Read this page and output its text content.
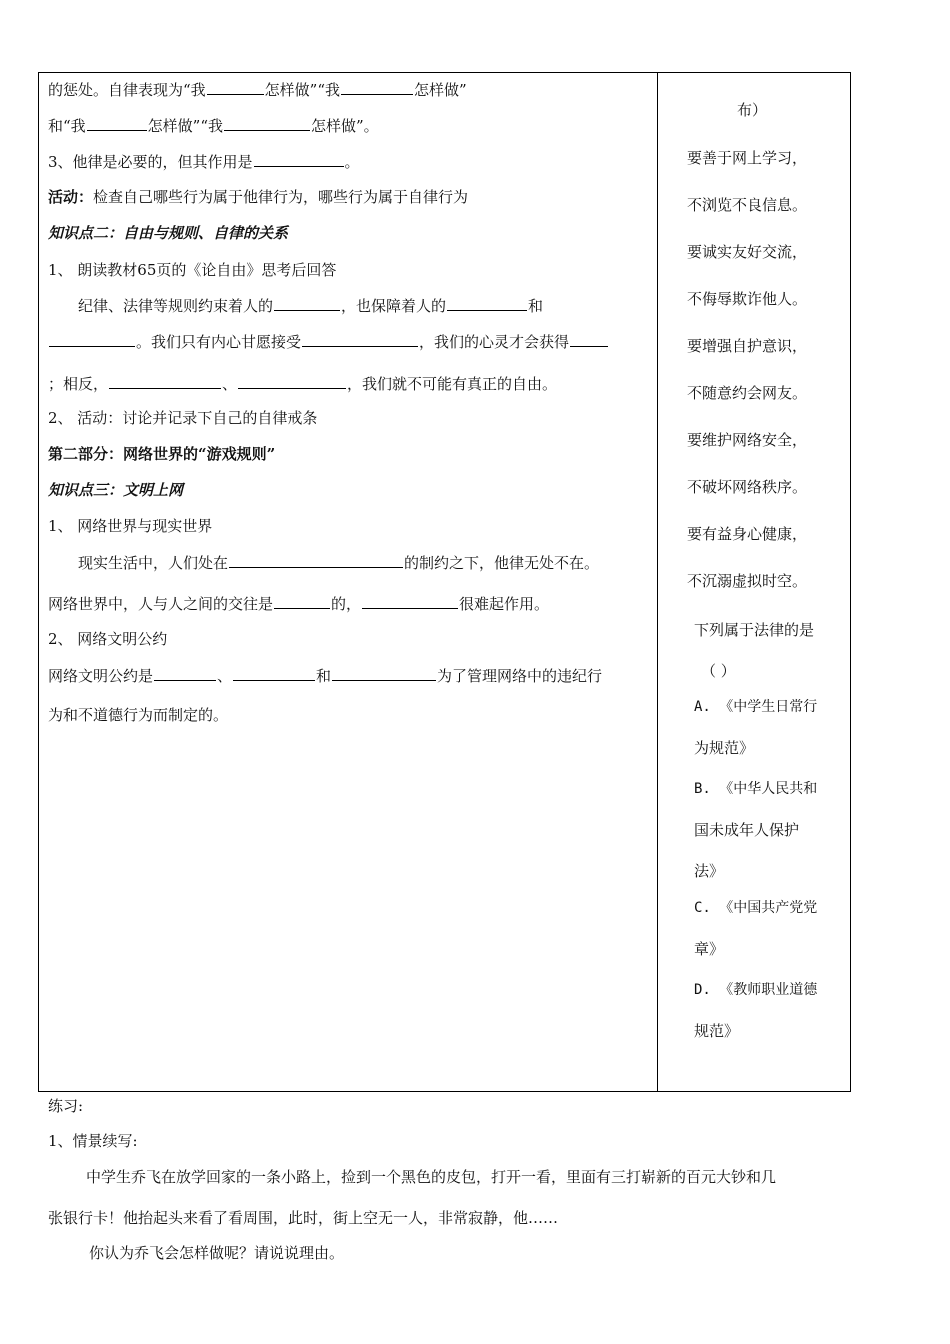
的惩处。自律表现为“我	怎样做”“我	怎样做”
和“我	怎样做”“我	怎样做”。
3、他律是必要的，但其作用是	。
活动：检查自己哪些行为属于他律行为，哪些行为属于自律行为
知识点二：自由与规则、自律的关系
1、 朗读教材65页的《论自由》思考后回答
纪律、法律等规则约束着人的	，也保障着人的	和
。我们只有内心甘愿接受	，我们的心灵才会获得
；相反，	、	，我们就不可能有真正的自由。
2、 活动：讨论并记录下自己的自律戒条
第二部分：网络世界的“游戏规则”
知识点三：文明上网
1、 网络世界与现实世界
现实生活中，人们处在	的制约之下，他律无处不在。
网络世界中，人与人之间的交往是	的，	很难起作用。
2、 网络文明公约
网络文明公约是	、	和	为了管理网络中的违纪行
为和不道德行为而制定的。
布）
要善于网上学习，
不浏览不良信息。
要诚实友好交流，
不侮辱欺诈他人。
要增强自护意识，
不随意约会网友。
要维护网络安全，
不破坏网络秩序。
要有益身心健康，
不沉溺虚拟时空。
下列属于法律的是
（ ）
A. 《中学生日常行
为规范》
B. 《中华人民共和
国未成年人保护
法》
C. 《中国共产党党
章》
D. 《教师职业道德
规范》
练习:
1、情景续写:
中学生乔飞在放学回家的一条小路上，捡到一个黑色的皮包，打开一看，里面有三打崭新的百元大钞和几
张银行卡！他抬起头来看了看周围，此时，街上空无一人，非常寂静，他……
你认为乔飞会怎样做呢？请说说理由。
